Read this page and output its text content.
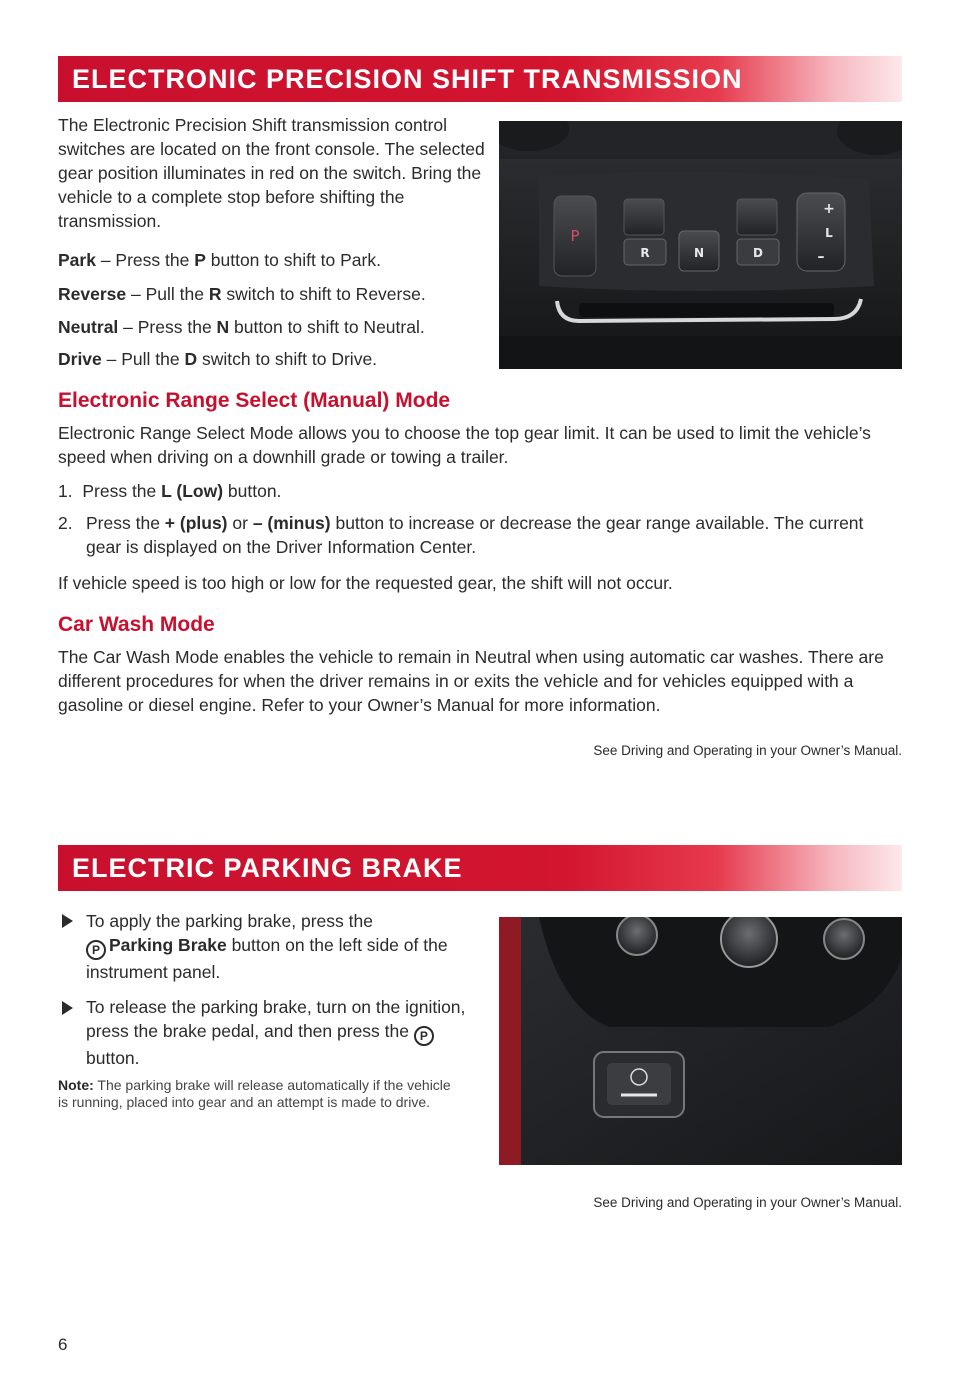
ELECTRONIC PRECISION SHIFT TRANSMISSION

The Electronic Precision Shift transmission control switches are located on the front console. The selected gear position illuminates in red on the switch. Bring the vehicle to a complete stop before shifting the transmission.

Park – Press the P button to shift to Park.

Reverse – Pull the R switch to shift to Reverse.

Neutral – Press the N button to shift to Neutral.

Drive – Pull the D switch to shift to Drive.

P
R	N	D
+
L
–
Electronic Range Select (Manual) Mode

Electronic Range Select Mode allows you to choose the top gear limit. It can be used to limit the vehicle’s speed when driving on a downhill grade or towing a trailer.

1. Press the L (Low) button.

2. Press the + (plus) or – (minus) button to increase or decrease the gear range available. The current gear is displayed on the Driver Information Center.

If vehicle speed is too high or low for the requested gear, the shift will not occur.

Car Wash Mode

The Car Wash Mode enables the vehicle to remain in Neutral when using automatic car washes. There are different procedures for when the driver remains in or exits the vehicle and for vehicles equipped with a gasoline or diesel engine. Refer to your Owner’s Manual for more information.

See Driving and Operating in your Owner’s Manual.

ELECTRIC PARKING BRAKE

To apply the parking brake, press the
P Parking Brake button on the left side of the instrument panel.

To release the parking brake, turn on the ignition, press the brake pedal, and then press the P button.

Note: The parking brake will release automatically if the vehicle is running, placed into gear and an attempt is made to drive.

See Driving and Operating in your Owner’s Manual.

6
